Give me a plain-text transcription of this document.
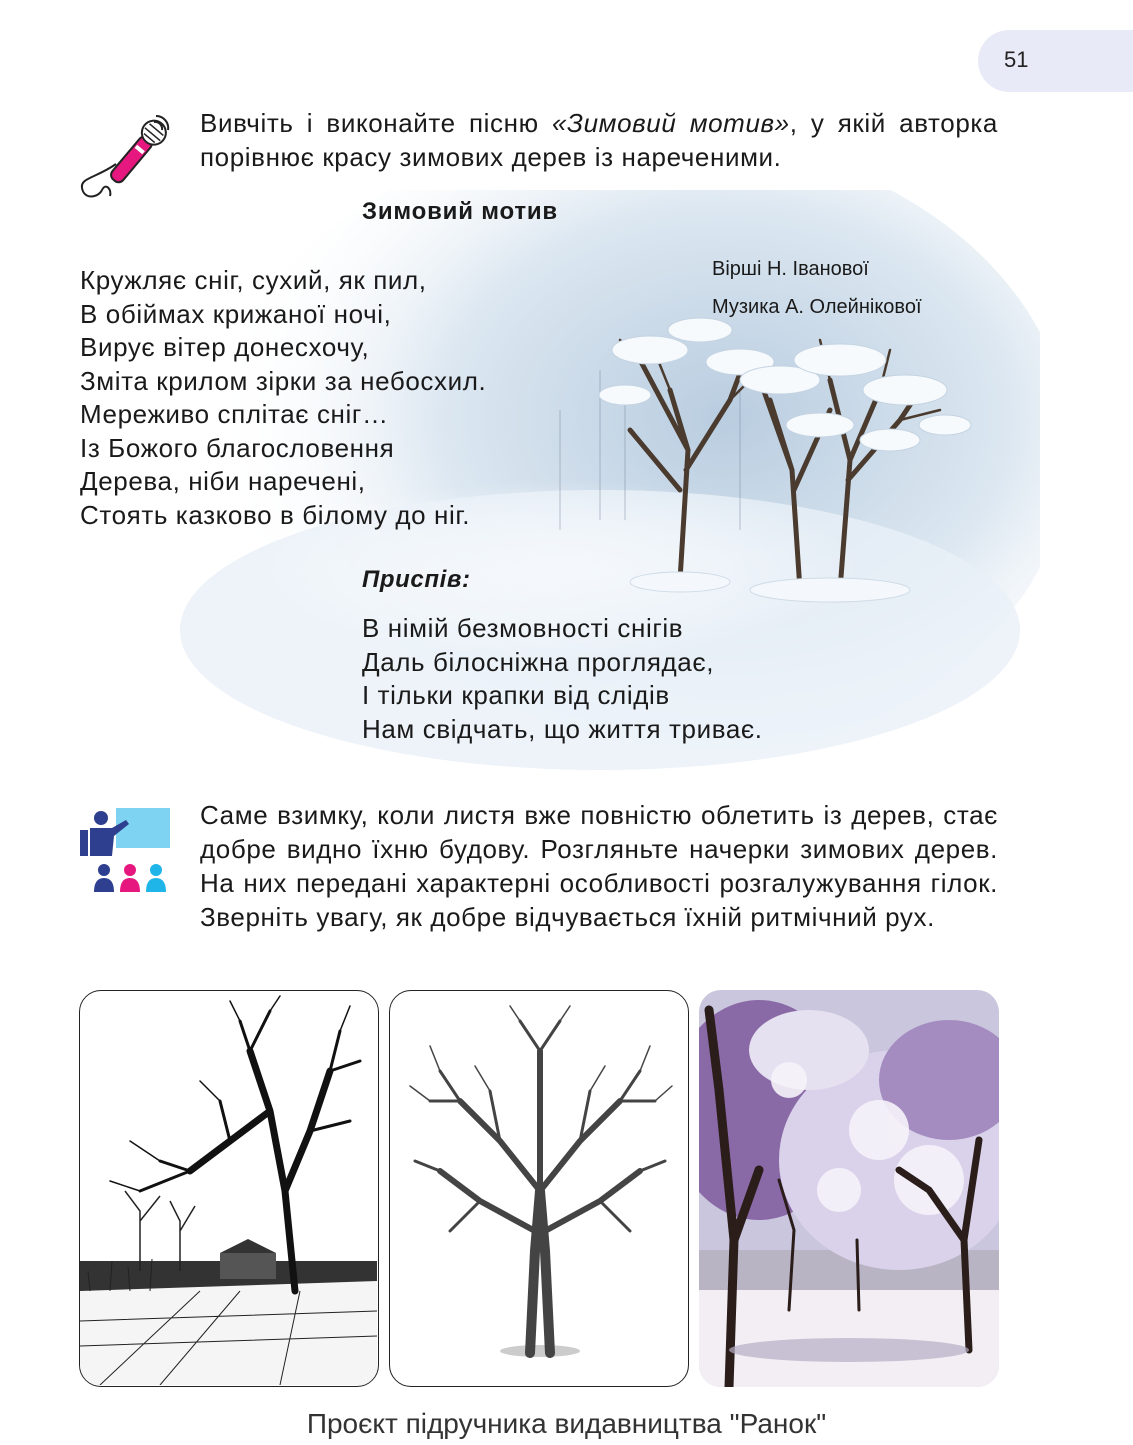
51
Вивчіть і виконайте пісню «Зимовий мотив», у якій авторка порівнює красу зимових дерев із нареченими.
Зимовий мотив
Вірші Н. Іванової
Музика А. Олейнікової
Кружляє сніг, сухий, як пил,
В обіймах крижаної ночі,
Вирує вітер донесхочу,
Зміта крилом зірки за небосхил.
Мереживо сплітає сніг…
Із Божого благословення
Дерева, ніби наречені,
Стоять казково в білому до ніг.
Приспів:
В німій безмовності снігів
Даль білосніжна проглядає,
І тільки крапки від слідів
Нам свідчать, що життя триває.
Саме взимку, коли листя вже повністю облетить із дерев, стає добре видно їхню будову. Розгляньте начерки зимових дерев. На них передані характерні особливості розгалужування гілок. Зверніть увагу, як добре відчувається їхній ритмічний рух.
Проєкт підручника видавництва "Ранок"
